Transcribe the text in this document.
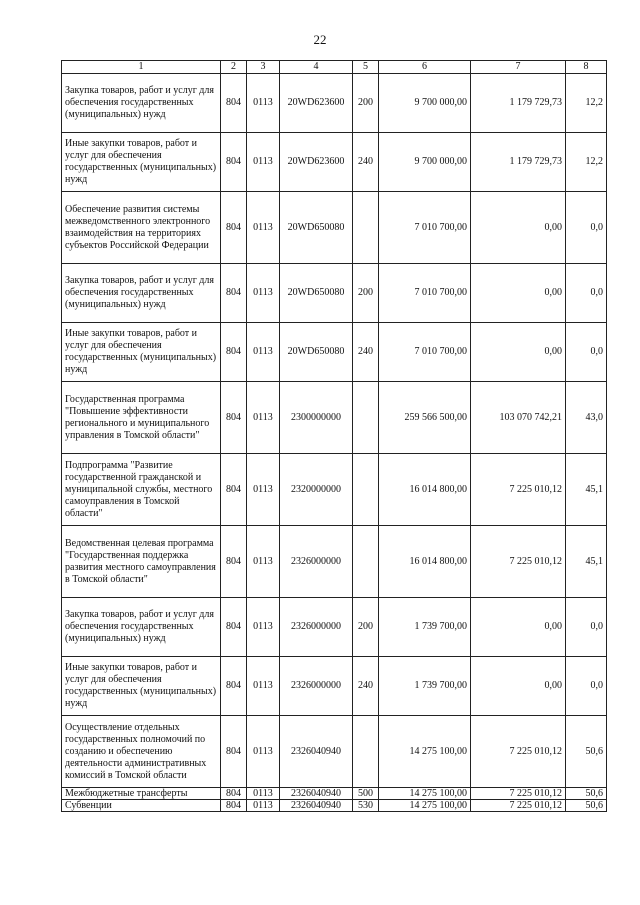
22
1	2	3	4	5	6	7	8
Закупка товаров, работ и услуг для обеспечения государственных (муниципальных) нужд	804	0113	20WD623600	200	9 700 000,00	1 179 729,73	12,2
Иные закупки товаров, работ и услуг для обеспечения государственных (муниципальных) нужд	804	0113	20WD623600	240	9 700 000,00	1 179 729,73	12,2
Обеспечение развития системы межведомственного электронного взаимодействия на территориях субъектов Российской Федерации	804	0113	20WD650080		7 010 700,00	0,00	0,0
Закупка товаров, работ и услуг для обеспечения государственных (муниципальных) нужд	804	0113	20WD650080	200	7 010 700,00	0,00	0,0
Иные закупки товаров, работ и услуг для обеспечения государственных (муниципальных) нужд	804	0113	20WD650080	240	7 010 700,00	0,00	0,0
Государственная программа "Повышение эффективности регионального и муниципального управления в Томской области"	804	0113	2300000000		259 566 500,00	103 070 742,21	43,0
Подпрограмма "Развитие государственной гражданской и муниципальной службы, местного самоуправления в Томской области"	804	0113	2320000000		16 014 800,00	7 225 010,12	45,1
Ведомственная целевая программа "Государственная поддержка развития местного самоуправления в Томской области"	804	0113	2326000000		16 014 800,00	7 225 010,12	45,1
Закупка товаров, работ и услуг для обеспечения государственных (муниципальных) нужд	804	0113	2326000000	200	1 739 700,00	0,00	0,0
Иные закупки товаров, работ и услуг для обеспечения государственных (муниципальных) нужд	804	0113	2326000000	240	1 739 700,00	0,00	0,0
Осуществление отдельных государственных полномочий по созданию и обеспечению деятельности административных комиссий в Томской области	804	0113	2326040940		14 275 100,00	7 225 010,12	50,6
Межбюджетные трансферты	804	0113	2326040940	500	14 275 100,00	7 225 010,12	50,6
Субвенции	804	0113	2326040940	530	14 275 100,00	7 225 010,12	50,6
